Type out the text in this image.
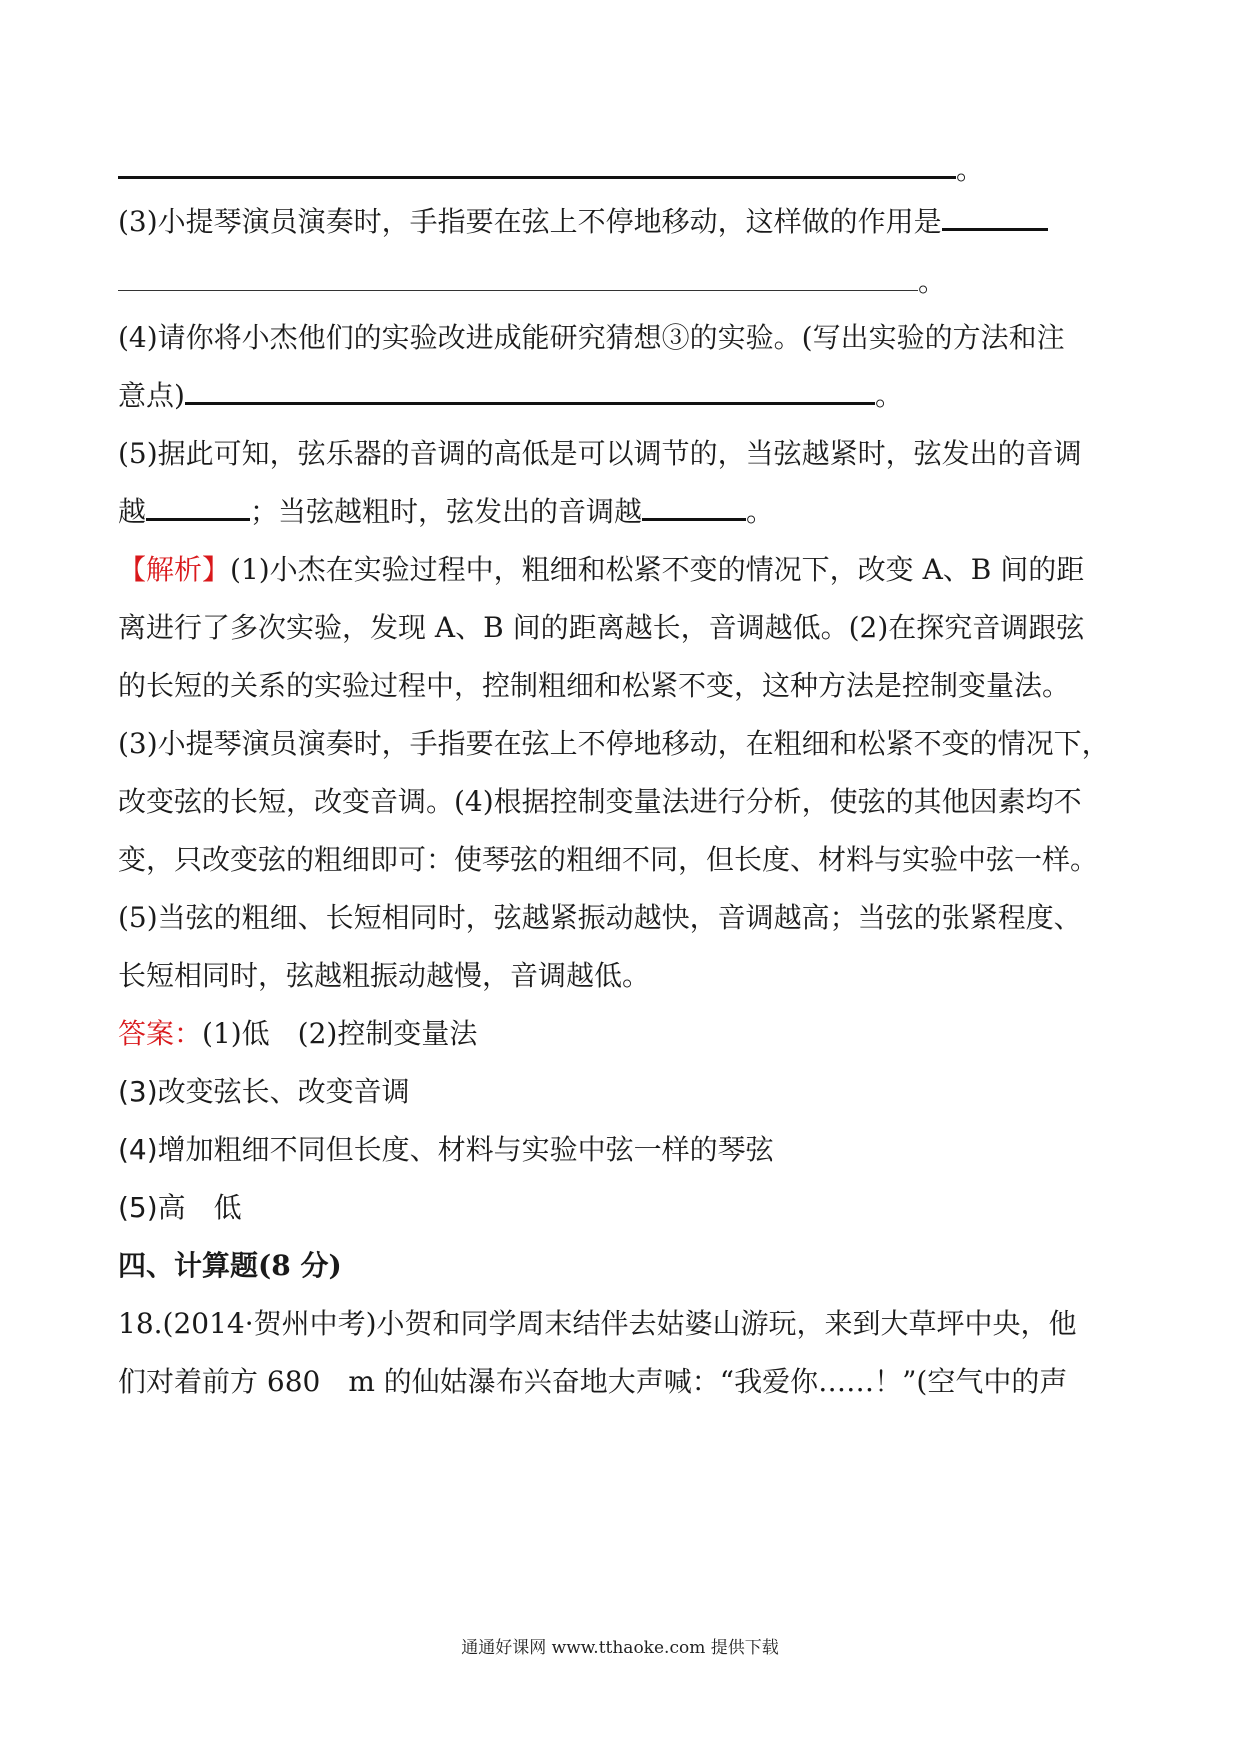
。
(3)小提琴演员演奏时，手指要在弦上不停地移动，这样做的作用是
。
(4)请你将小杰他们的实验改进成能研究猜想③的实验。(写出实验的方法和注
意点)	。
(5)据此可知，弦乐器的音调的高低是可以调节的，当弦越紧时，弦发出的音调
越	；当弦越粗时，弦发出的音调越	。
【解析】(1)小杰在实验过程中，粗细和松紧不变的情况下，改变 A、B 间的距
离进行了多次实验，发现 A、B 间的距离越长，音调越低。(2)在探究音调跟弦
的长短的关系的实验过程中，控制粗细和松紧不变，这种方法是控制变量法。
(3)小提琴演员演奏时，手指要在弦上不停地移动，在粗细和松紧不变的情况下，
改变弦的长短，改变音调。(4)根据控制变量法进行分析，使弦的其他因素均不
变，只改变弦的粗细即可：使琴弦的粗细不同，但长度、材料与实验中弦一样。
(5)当弦的粗细、长短相同时，弦越紧振动越快，音调越高；当弦的张紧程度、
长短相同时，弦越粗振动越慢，音调越低。
答案：(1)低　(2)控制变量法
(3)改变弦长、改变音调
(4)增加粗细不同但长度、材料与实验中弦一样的琴弦
(5)高　低
四、计算题(8 分)
18.(2014·贺州中考)小贺和同学周末结伴去姑婆山游玩，来到大草坪中央，他
们对着前方 680　m 的仙姑瀑布兴奋地大声喊：“我爱你……！”(空气中的声
通通好课网 www.tthaoke.com 提供下载
